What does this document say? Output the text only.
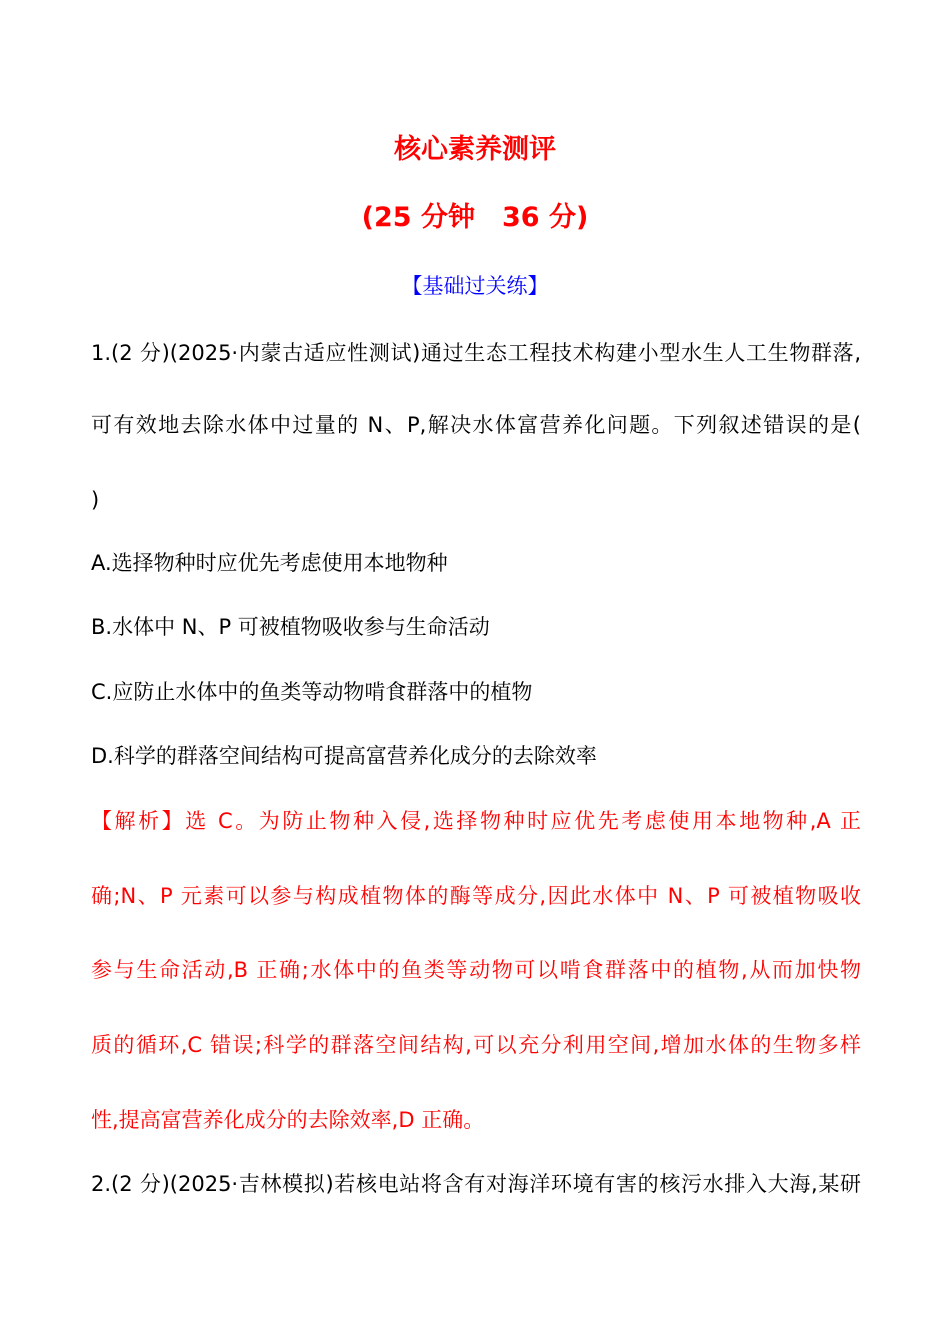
核心素养测评
(25 分钟　36 分)
【基础过关练】
1.(2 分)(2025·内蒙古适应性测试)通过生态工程技术构建小型水生人工生物群落,
可有效地去除水体中过量的 N、P,解决水体富营养化问题。下列叙述错误的是(
)
A.选择物种时应优先考虑使用本地物种
B.水体中 N、P 可被植物吸收参与生命活动
C.应防止水体中的鱼类等动物啃食群落中的植物
D.科学的群落空间结构可提高富营养化成分的去除效率
【解析】选 C。为防止物种入侵,选择物种时应优先考虑使用本地物种,A 正
确;N、P 元素可以参与构成植物体的酶等成分,因此水体中 N、P 可被植物吸收
参与生命活动,B 正确;水体中的鱼类等动物可以啃食群落中的植物,从而加快物
质的循环,C 错误;科学的群落空间结构,可以充分利用空间,增加水体的生物多样
性,提高富营养化成分的去除效率,D 正确。
2.(2 分)(2025·吉林模拟)若核电站将含有对海洋环境有害的核污水排入大海,某研
